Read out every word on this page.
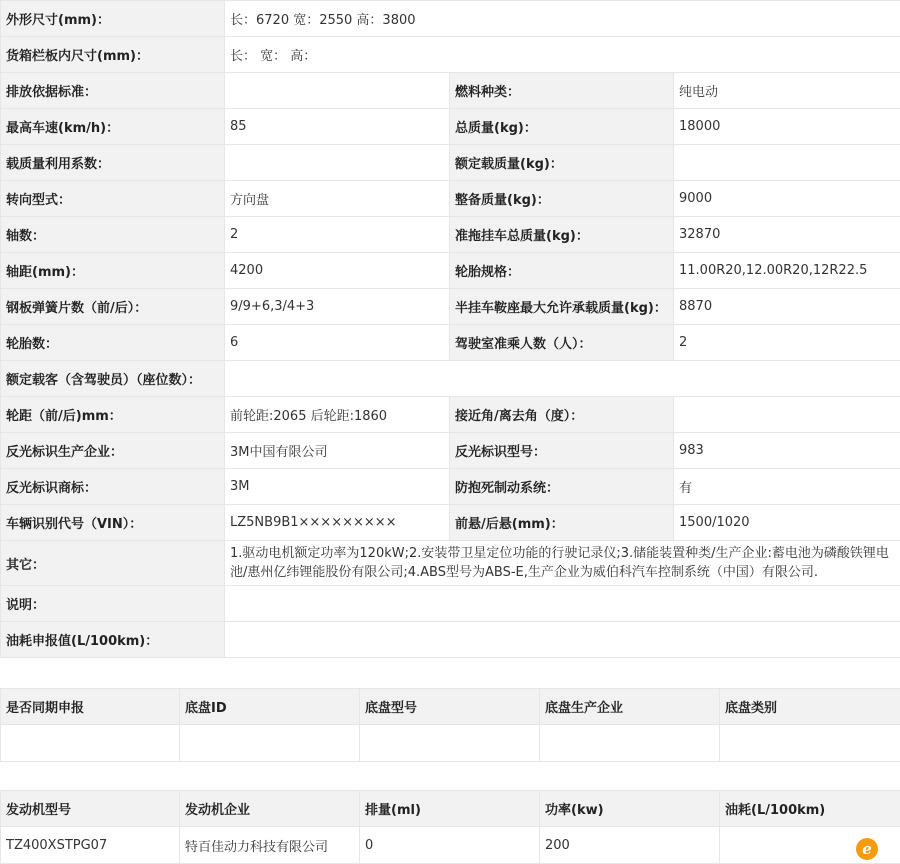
外形尺寸(mm)：	长：6720 宽：2550 高：3800		
货箱栏板内尺寸(mm)：	长： 宽： 高：		
排放依据标准：		燃料种类：	纯电动
最高车速(km/h)：	85	总质量(kg)：	18000
载质量利用系数：		额定载质量(kg)：	
转向型式：	方向盘	整备质量(kg)：	9000
轴数：	2	准拖挂车总质量(kg)：	32870
轴距(mm)：	4200	轮胎规格：	11.00R20,12.00R20,12R22.5
钢板弹簧片数（前/后）：	9/9+6,3/4+3	半挂车鞍座最大允许承载质量(kg)：	8870
轮胎数：	6	驾驶室准乘人数（人）：	2
额定载客（含驾驶员）（座位数）：			
轮距（前/后)mm：	前轮距:2065 后轮距:1860	接近角/离去角（度）：	
反光标识生产企业：	3M中国有限公司	反光标识型号：	983
反光标识商标：	3M	防抱死制动系统：	有
车辆识别代号（VIN）：	LZ5NB9B1×××××××××	前悬/后悬(mm)：	1500/1020
其它：	1.驱动电机额定功率为120kW;2.安装带卫星定位功能的行驶记录仪;3.储能装置种类/生产企业:蓄电池为磷酸铁锂电池/惠州亿纬锂能股份有限公司;4.ABS型号为ABS-E,生产企业为威伯科汽车控制系统（中国）有限公司.		
说明：			
油耗申报值(L/100km)：			
是否同期申报	底盘ID	底盘型号	底盘生产企业	底盘类别

发动机型号	发动机企业	排量(ml)	功率(kw)	油耗(L/100km)
TZ400XSTPG07	特百佳动力科技有限公司	0	200		e
